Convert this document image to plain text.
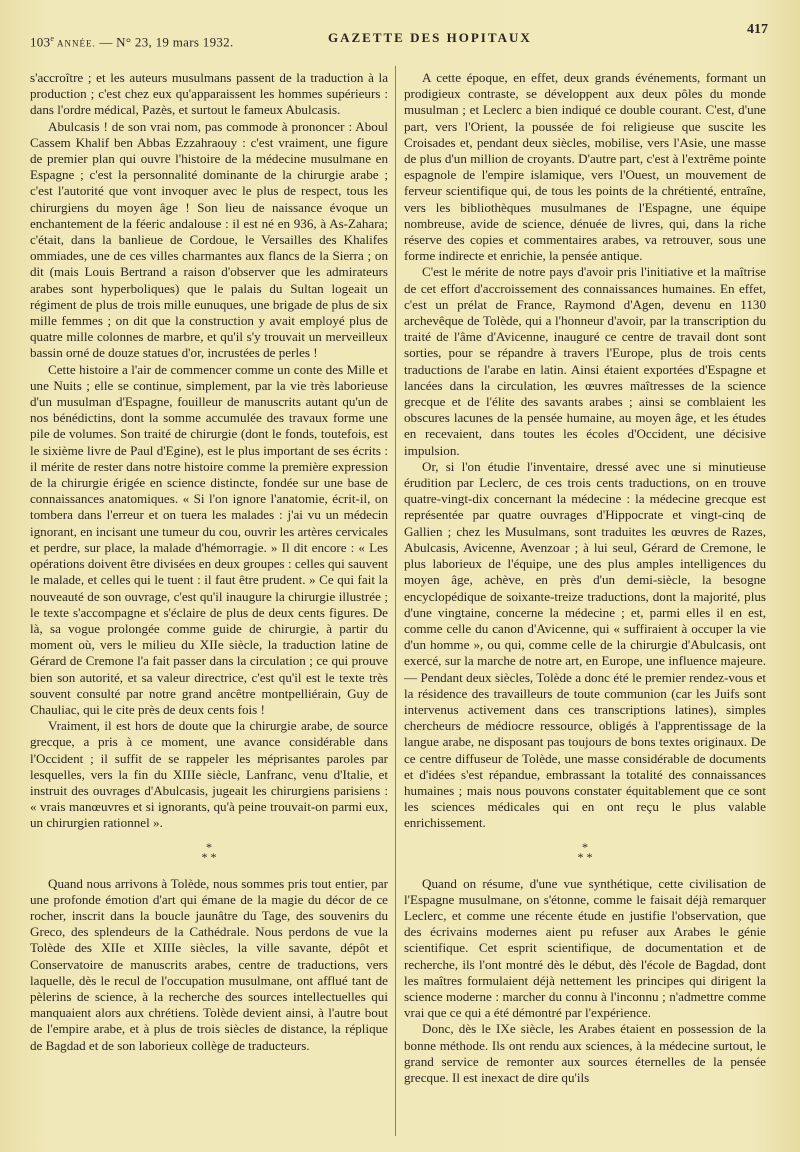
103e ANNÉE. — N° 23, 19 mars 1932.	GAZETTE DES HOPITAUX
417

s'accroître ; et les auteurs musulmans passent de la traduction à la production ; c'est chez eux qu'apparaissent les hommes supérieurs : dans l'ordre médical, Pazès, et surtout le fameux Abulcasis.

Abulcasis ! de son vrai nom, pas commode à prononcer : Aboul Cassem Khalif ben Abbas Ezzahraouy : c'est vraiment, une figure de premier plan qui ouvre l'histoire de la médecine musulmane en Espagne ; c'est la personnalité dominante de la chirurgie arabe ; c'est l'autorité que vont invoquer avec le plus de respect, tous les chirurgiens du moyen âge ! Son lieu de naissance évoque un enchantement de la féeric andalouse : il est né en 936, à As-Zahara; c'était, dans la banlieue de Cordoue, le Versailles des Khalifes ommiades, une de ces villes charmantes aux flancs de la Sierra ; on dit (mais Louis Bertrand a raison d'observer que les admirateurs arabes sont hyperboliques) que le palais du Sultan logeait un régiment de plus de trois mille eunuques, une brigade de plus de six mille femmes ; on dit que la construction y avait employé plus de quatre mille colonnes de marbre, et qu'il s'y trouvait un merveilleux bassin orné de douze statues d'or, incrustées de perles !

Cette histoire a l'air de commencer comme un conte des Mille et une Nuits ; elle se continue, simplement, par la vie très laborieuse d'un musulman d'Espagne, fouilleur de manuscrits autant qu'un de nos bénédictins, dont la somme accumulée des travaux forme une pile de volumes. Son traité de chirurgie (dont le fonds, toutefois, est le sixième livre de Paul d'Egine), est le plus important de ses écrits : il mérite de rester dans notre histoire comme la première expression de la chirurgie érigée en science distincte, fondée sur une base de connaissances anatomiques. « Si l'on ignore l'anatomie, écrit-il, on tombera dans l'erreur et on tuera les malades : j'ai vu un médecin ignorant, en incisant une tumeur du cou, ouvrir les artères cervicales et perdre, sur place, la malade d'hémorragie. » Il dit encore : « Les opérations doivent être divisées en deux groupes : celles qui sauvent le malade, et celles qui le tuent : il faut être prudent. » Ce qui fait la nouveauté de son ouvrage, c'est qu'il inaugure la chirurgie illustrée ; le texte s'accompagne et s'éclaire de plus de deux cents figures. De là, sa vogue prolongée comme guide de chirurgie, à partir du moment où, vers le milieu du XIIe siècle, la traduction latine de Gérard de Cremone l'a fait passer dans la circulation ; ce qui prouve bien son autorité, et sa valeur directrice, c'est qu'il est le texte très souvent consulté par notre grand ancêtre montpelliérain, Guy de Chauliac, qui le cite près de deux cents fois !

Vraiment, il est hors de doute que la chirurgie arabe, de source grecque, a pris à ce moment, une avance considérable dans l'Occident ; il suffit de se rappeler les méprisantes paroles par lesquelles, vers la fin du XIIIe siècle, Lanfranc, venu d'Italie, et instruit des ouvrages d'Abulcasis, jugeait les chirurgiens parisiens : « vrais manœuvres et si ignorants, qu'à peine trouvait-on parmi eux, un chirurgien rationnel ».

*
* *

Quand nous arrivons à Tolède, nous sommes pris tout entier, par une profonde émotion d'art qui émane de la magie du décor de ce rocher, inscrit dans la boucle jaunâtre du Tage, des souvenirs du Greco, des splendeurs de la Cathédrale. Nous perdons de vue la Tolède des XIIe et XIIIe siècles, la ville savante, dépôt et Conservatoire de manuscrits arabes, centre de traductions, vers laquelle, dès le recul de l'occupation musulmane, ont afflué tant de pèlerins de science, à la recherche des sources intellectuelles qui manquaient alors aux chrétiens. Tolède devient ainsi, à l'autre bout de l'empire arabe, et à plus de trois siècles de distance, la réplique de Bagdad et de son laborieux collège de traducteurs.

A cette époque, en effet, deux grands événements, formant un prodigieux contraste, se développent aux deux pôles du monde musulman ; et Leclerc a bien indiqué ce double courant. C'est, d'une part, vers l'Orient, la poussée de foi religieuse que suscite les Croisades et, pendant deux siècles, mobilise, vers l'Asie, une masse de plus d'un million de croyants. D'autre part, c'est à l'extrême pointe espagnole de l'empire islamique, vers l'Ouest, un mouvement de ferveur scientifique qui, de tous les points de la chrétienté, entraîne, vers les bibliothèques musulmanes de l'Espagne, une équipe nombreuse, avide de science, dénuée de livres, qui, dans la riche réserve des copies et commentaires arabes, va retrouver, sous une forme indirecte et enrichie, la pensée antique.

C'est le mérite de notre pays d'avoir pris l'initiative et la maîtrise de cet effort d'accroissement des connaissances humaines. En effet, c'est un prélat de France, Raymond d'Agen, devenu en 1130 archevêque de Tolède, qui a l'honneur d'avoir, par la transcription du traité de l'âme d'Avicenne, inauguré ce centre de travail dont sont sorties, pour se répandre à travers l'Europe, plus de trois cents traductions de l'arabe en latin. Ainsi étaient exportées d'Espagne et lancées dans la circulation, les œuvres maîtresses de la science grecque et de l'élite des savants arabes ; ainsi se comblaient les obscures lacunes de la pensée humaine, au moyen âge, et les études en recevaient, dans toutes les écoles d'Occident, une décisive impulsion.

Or, si l'on étudie l'inventaire, dressé avec une si minutieuse érudition par Leclerc, de ces trois cents traductions, on en trouve quatre-vingt-dix concernant la médecine : la médecine grecque est représentée par quatre ouvrages d'Hippocrate et vingt-cinq de Gallien ; chez les Musulmans, sont traduites les œuvres de Razes, Abulcasis, Avicenne, Avenzoar ; à lui seul, Gérard de Cremone, le plus laborieux de l'équipe, une des plus amples intelligences du moyen âge, achève, en près d'un demi-siècle, la besogne encyclopédique de soixante-treize traductions, dont la majorité, plus d'une vingtaine, concerne la médecine ; et, parmi elles il en est, comme celle du canon d'Avicenne, qui « suffiraient à occuper la vie d'un homme », ou qui, comme celle de la chirurgie d'Abulcasis, ont exercé, sur la marche de notre art, en Europe, une influence majeure. — Pendant deux siècles, Tolède a donc été le premier rendez-vous et la résidence des travailleurs de toute communion (car les Juifs sont intervenus activement dans ces transcriptions latines), simples chercheurs de médiocre ressource, obligés à l'apprentissage de la langue arabe, ne disposant pas toujours de bons textes originaux. De ce centre diffuseur de Tolède, une masse considérable de documents et d'idées s'est répandue, embrassant la totalité des connaissances humaines ; mais nous pouvons constater équitablement que ce sont les sciences médicales qui en ont reçu le plus valable enrichissement.

*
* *

Quand on résume, d'une vue synthétique, cette civilisation de l'Espagne musulmane, on s'étonne, comme le faisait déjà remarquer Leclerc, et comme une récente étude en justifie l'observation, que des écrivains modernes aient pu refuser aux Arabes le génie scientifique. Cet esprit scientifique, de documentation et de recherche, ils l'ont montré dès le début, dès l'école de Bagdad, dont les maîtres formulaient déjà nettement les principes qui dirigent la science moderne : marcher du connu à l'inconnu ; n'admettre comme vrai que ce qui a été démontré par l'expérience.

Donc, dès le IXe siècle, les Arabes étaient en possession de la bonne méthode. Ils ont rendu aux sciences, à la médecine surtout, le grand service de remonter aux sources éternelles de la pensée grecque. Il est inexact de dire qu'ils
